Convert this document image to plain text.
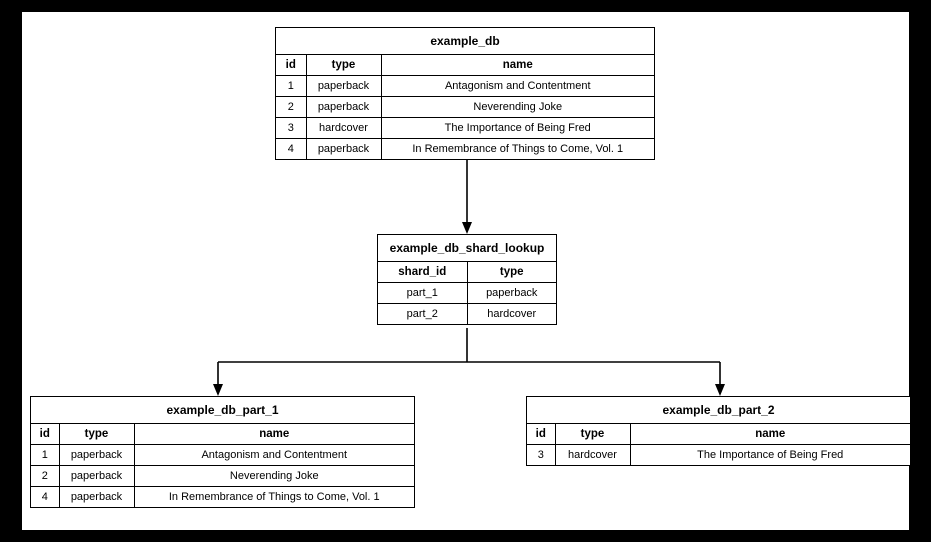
example_db
id	type	name
1	paperback	Antagonism and Contentment
2	paperback	Neverending Joke
3	hardcover	The Importance of Being Fred
4	paperback	In Remembrance of Things to Come, Vol. 1
example_db_shard_lookup
shard_id	type
part_1	paperback
part_2	hardcover
example_db_part_1
id	type	name
1	paperback	Antagonism and Contentment
2	paperback	Neverending Joke
4	paperback	In Remembrance of Things to Come, Vol. 1
example_db_part_2
id	type	name
3	hardcover	The Importance of Being Fred
